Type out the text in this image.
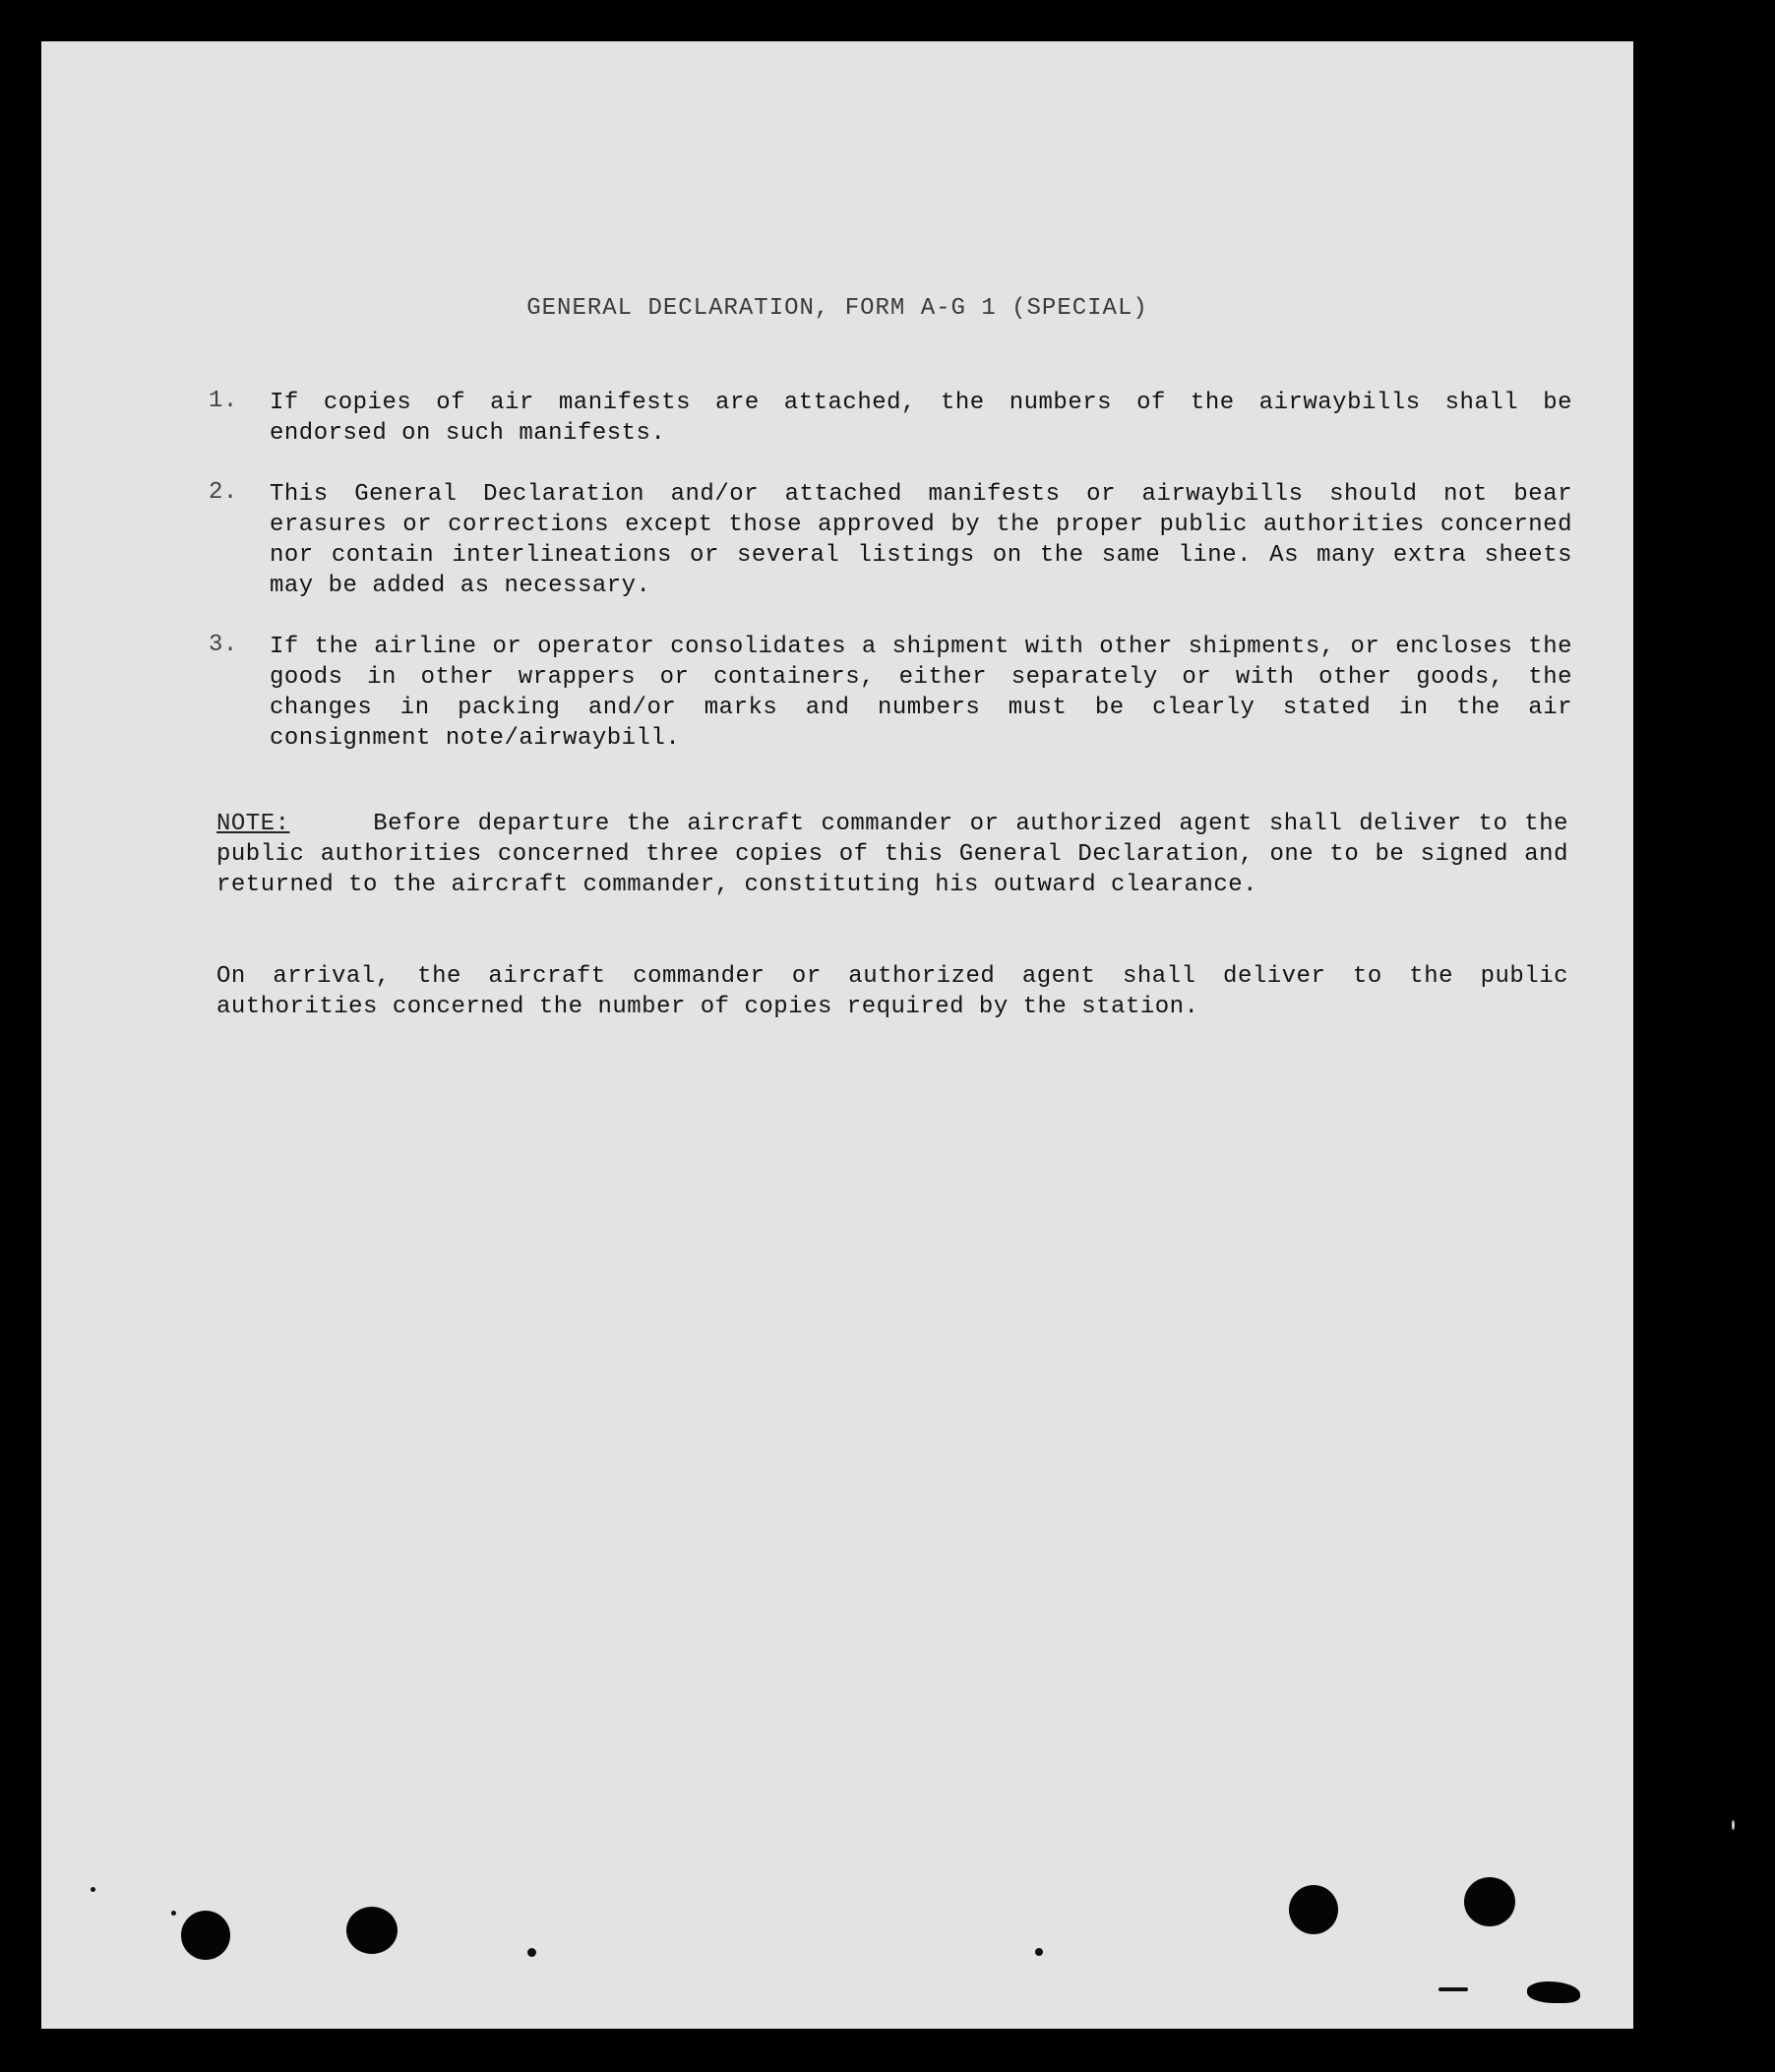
GENERAL DECLARATION, FORM A-G 1 (SPECIAL)
1.	If copies of air manifests are attached, the numbers of the airwaybills shall be endorsed on such manifests.

2.	This General Declaration and/or attached manifests or airwaybills should not bear erasures or corrections except those approved by the proper public authorities concerned nor contain interlineations or several listings on the same line. As many extra sheets may be added as necessary.

3.	If the airline or operator consolidates a shipment with other shipments, or encloses the goods in other wrappers or containers, either separately or with other goods, the changes in packing and/or marks and numbers must be clearly stated in the air consignment note/airwaybill.

NOTE:	Before departure the aircraft commander or authorized agent shall deliver to the public authorities concerned three copies of this General Declaration, one to be signed and returned to the aircraft commander, constituting his outward clearance.

On arrival, the aircraft commander or authorized agent shall deliver to the public authorities concerned the number of copies required by the station.
